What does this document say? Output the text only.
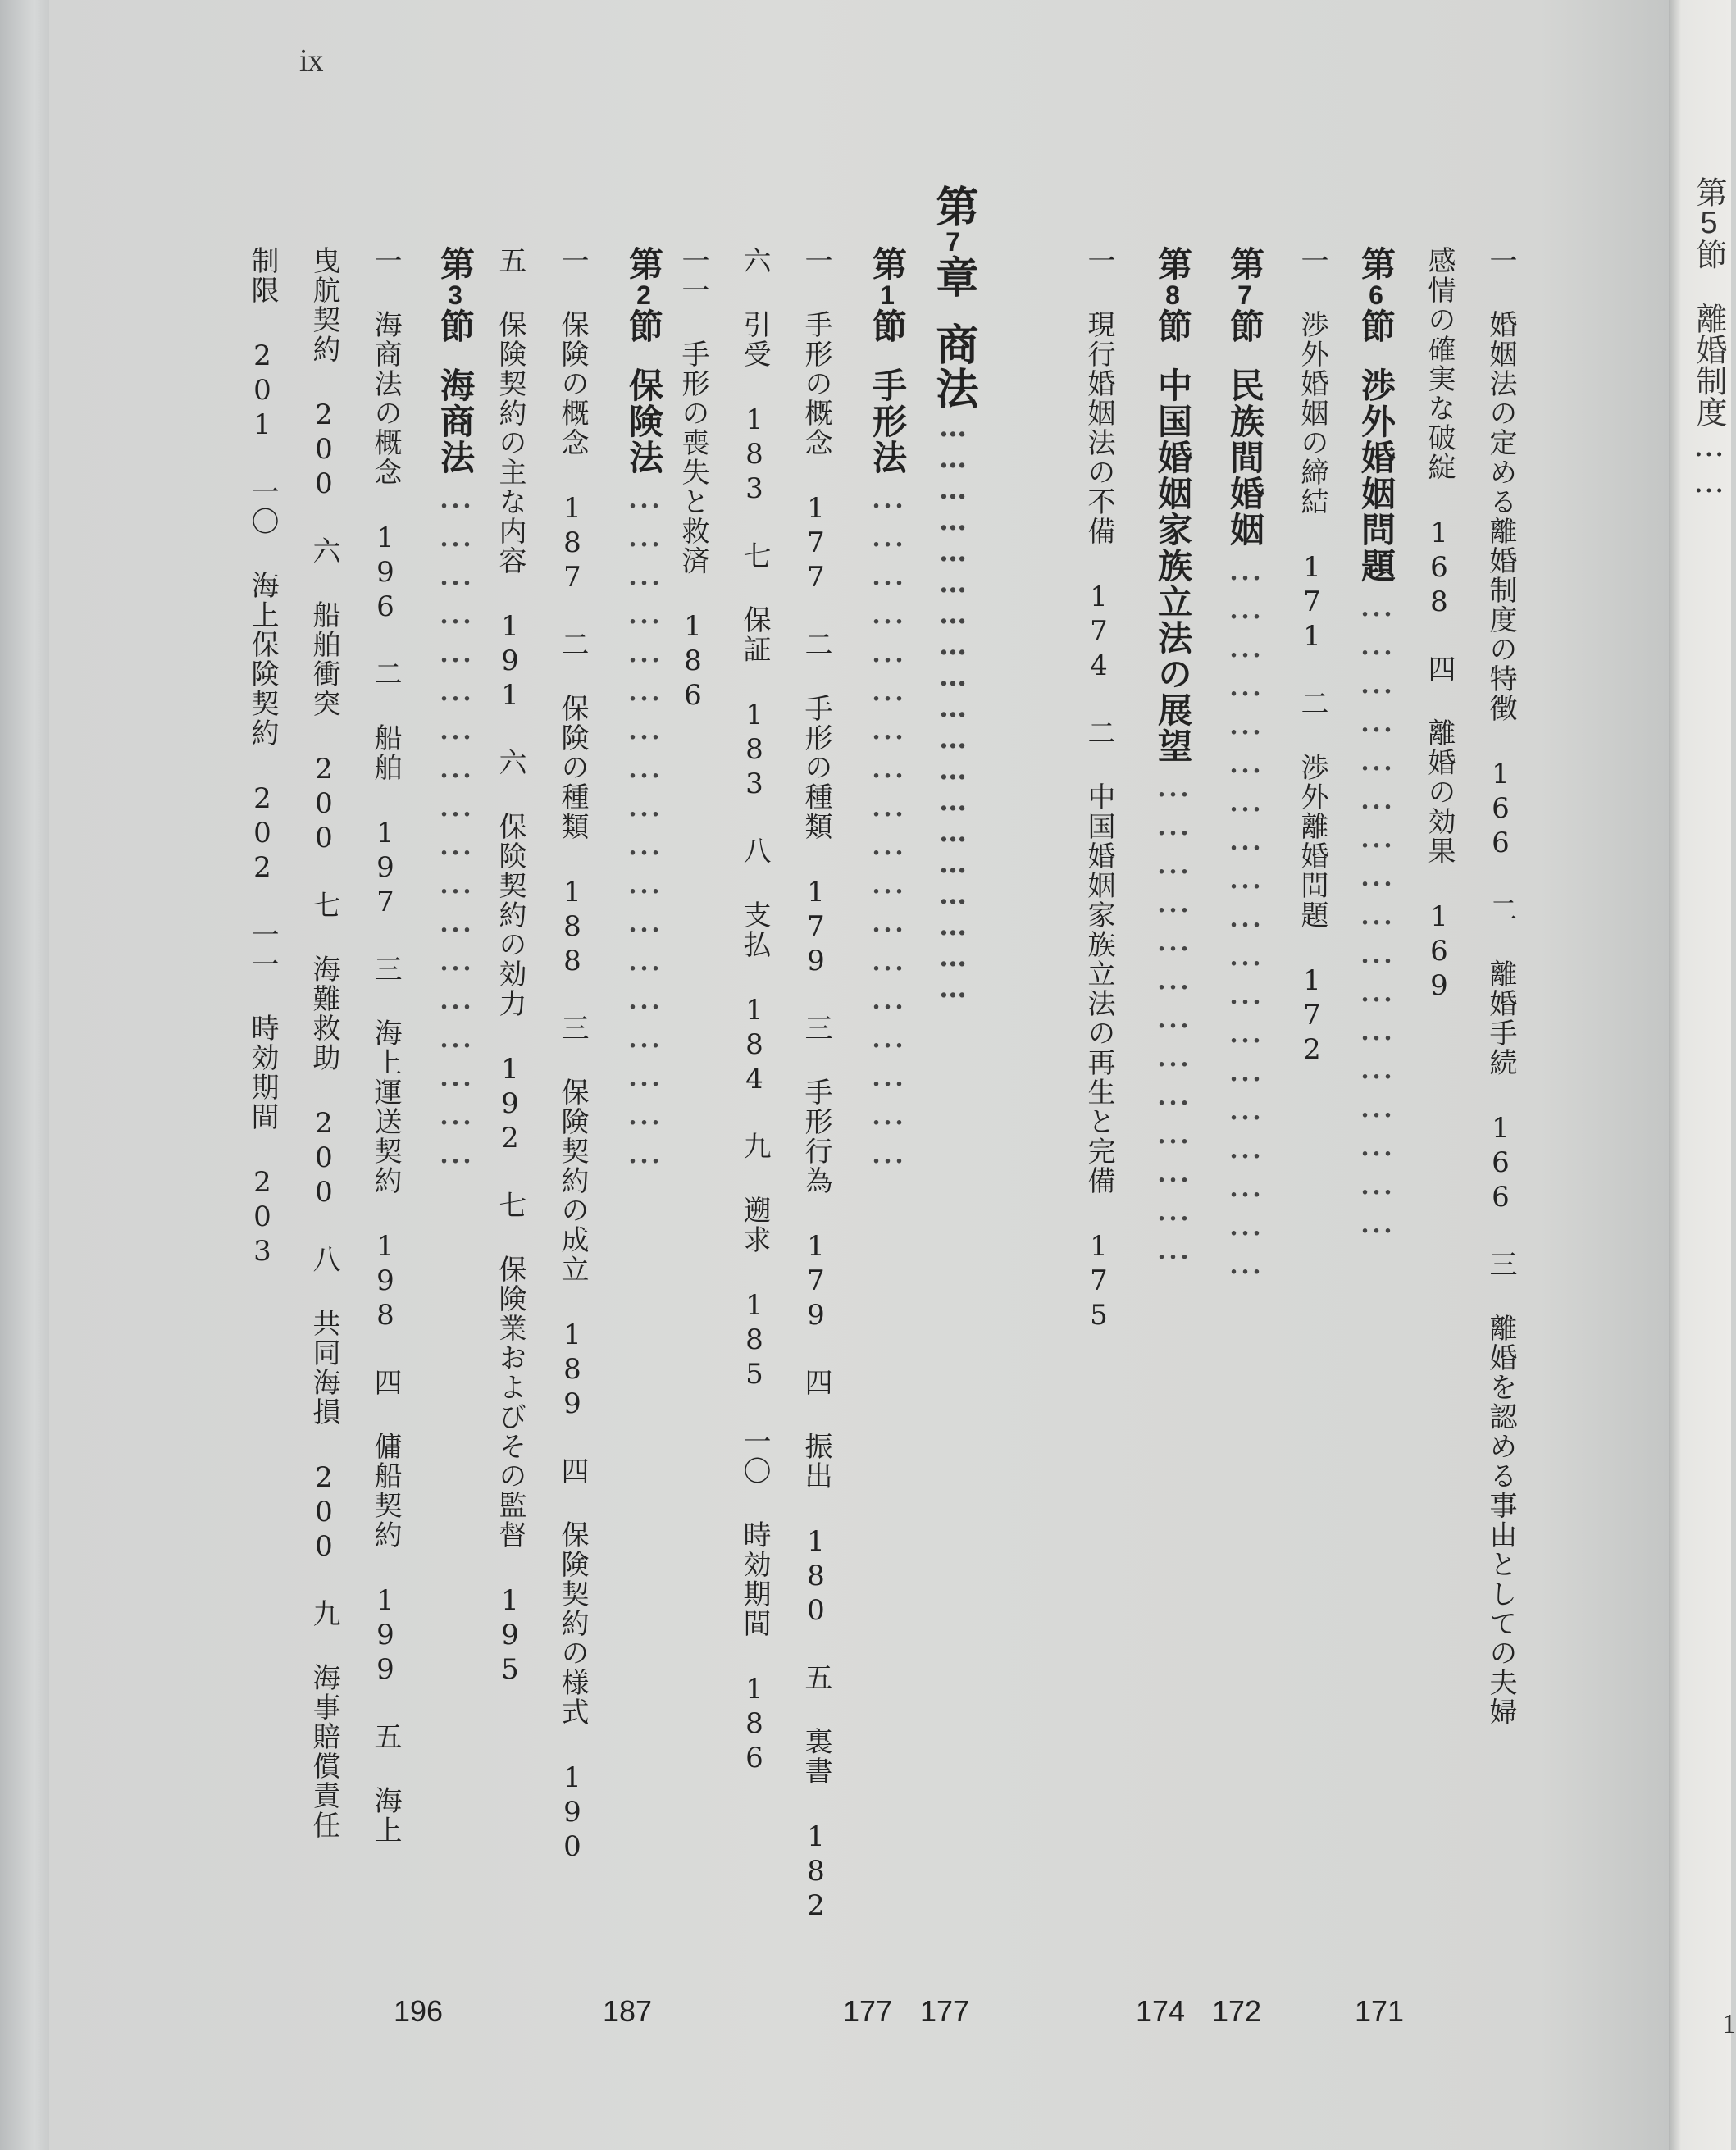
ix
一 婚姻法の定める離婚制度の特徴 166 二 離婚手続 166 三 離婚を認める事由としての夫婦
感情の確実な破綻 168 四 離婚の効果 169
第6節渉外婚姻問題……………………………………………
一 渉外婚姻の締結 171 二 渉外離婚問題 172
第7節民族間婚姻…………………………………………………
第8節中国婚姻家族立法の展望…………………………………
一 現行婚姻法の不備 174 二 中国婚姻家族立法の再生と完備 175
第7章商法…………………………………………………
第1節手形法………………………………………………
一 手形の概念 177 二 手形の種類 179 三 手形行為 179 四 振出 180 五 裏書 182
六 引受 183 七 保証 183 八 支払 184 九 遡求 185 一〇 時効期間 186
一一 手形の喪失と救済 186
第2節保険法………………………………………………
一 保険の概念 187 二 保険の種類 188 三 保険契約の成立 189 四 保険契約の様式 190
五 保険契約の主な内容 191 六 保険契約の効力 192 七 保険業およびその監督 195
第3節海商法………………………………………………
一 海商法の概念 196 二 船舶 197 三 海上運送契約 198 四 傭船契約 199 五 海上
曳航契約 200 六 船舶衝突 200 七 海難救助 200 八 共同海損 200 九 海事賠償責任
制限 201 一〇 海上保険契約 202 一一 時効期間 203
171
172
174
177
177
187
196
第5節離婚制度……
1
